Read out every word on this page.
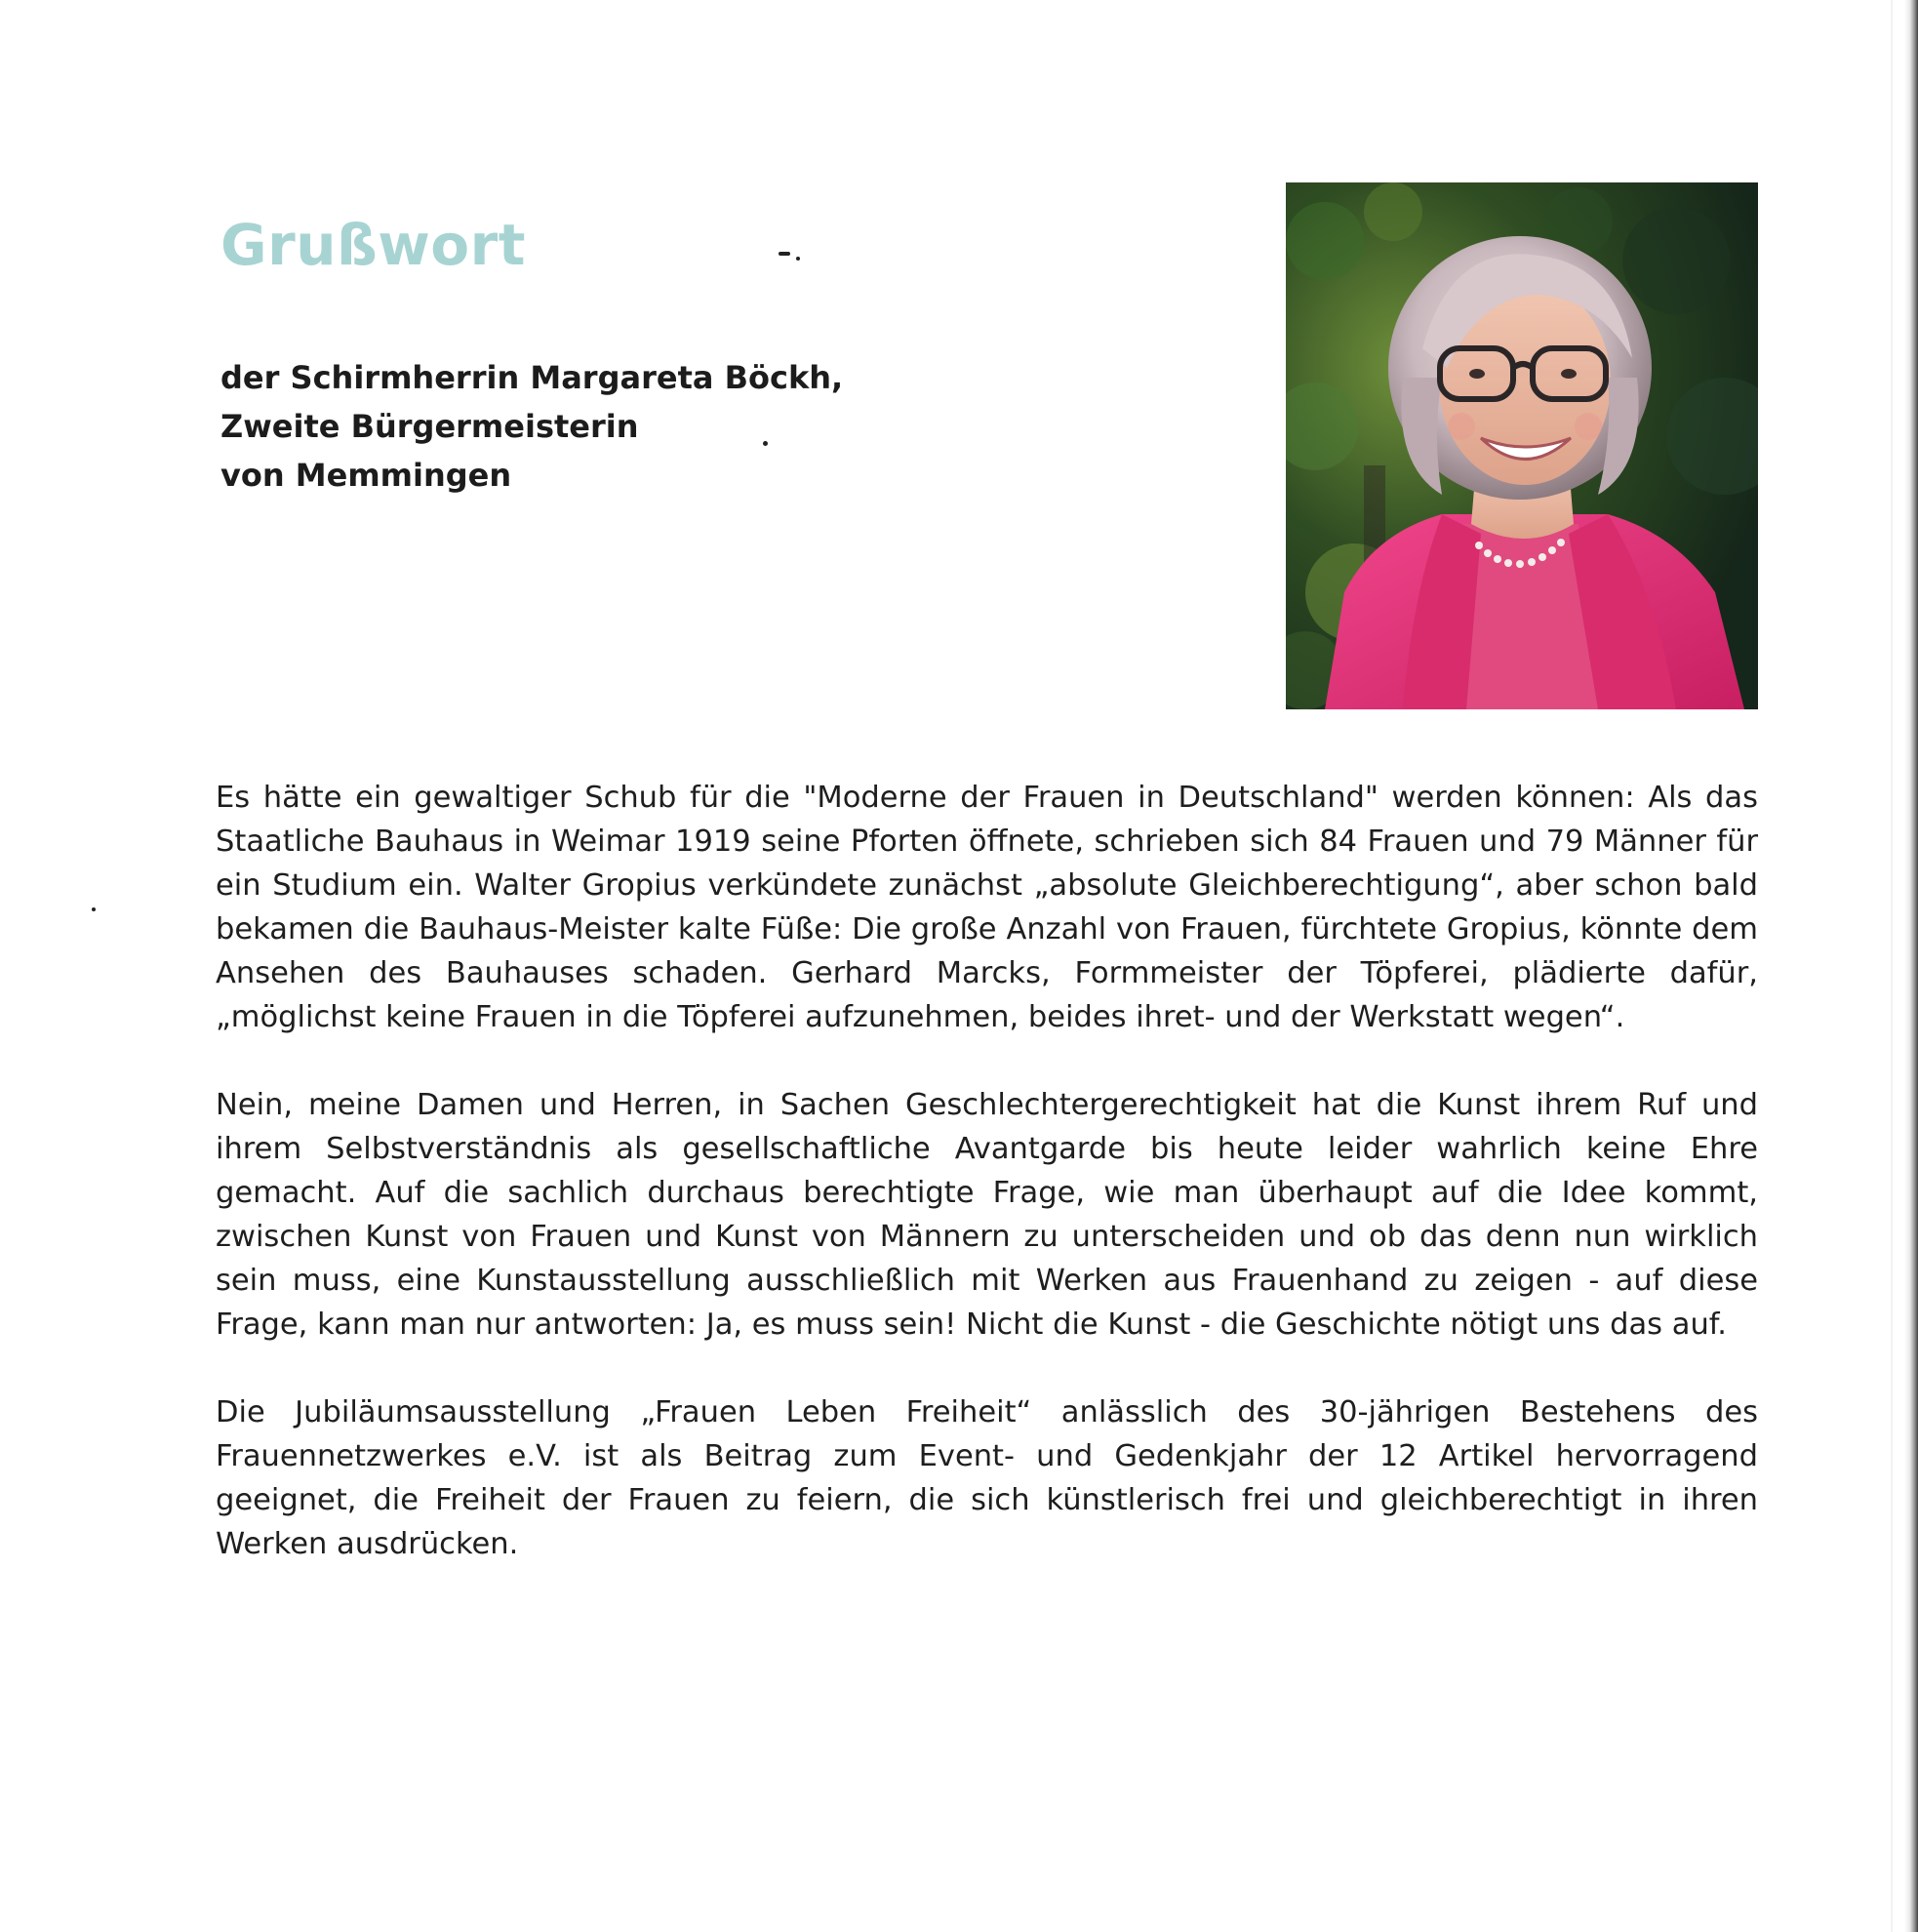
Grußwort
der Schirmherrin Margareta Böckh,
Zweite Bürgermeisterin
von Memmingen

Es hätte ein gewaltiger Schub für die "Moderne der Frauen in Deutschland" werden können: Als das Staatliche Bauhaus in Weimar 1919 seine Pforten öffnete, schrieben sich 84 Frauen und 79 Männer für ein Studium ein. Walter Gropius verkündete zunächst „absolute Gleichberechtigung“, aber schon bald bekamen die Bauhaus-Meister kalte Füße: Die große Anzahl von Frauen, fürchtete Gropius, könnte dem Ansehen des Bauhauses schaden. Gerhard Marcks, Formmeister der Töpferei, plädierte dafür, „möglichst keine Frauen in die Töpferei aufzunehmen, beides ihret- und der Werkstatt wegen“.

Nein, meine Damen und Herren, in Sachen Geschlechtergerechtigkeit hat die Kunst ihrem Ruf und ihrem Selbstverständnis als gesellschaftliche Avantgarde bis heute leider wahrlich keine Ehre gemacht. Auf die sachlich durchaus berechtigte Frage, wie man überhaupt auf die Idee kommt, zwischen Kunst von Frauen und Kunst von Männern zu unterscheiden und ob das denn nun wirklich sein muss, eine Kunstausstellung ausschließlich mit Werken aus Frauenhand zu zeigen - auf diese Frage, kann man nur antworten: Ja, es muss sein! Nicht die Kunst - die Geschichte nötigt uns das auf.

Die Jubiläumsausstellung „Frauen Leben Freiheit“ anlässlich des 30-jährigen Bestehens des Frauennetzwerkes e.V. ist als Beitrag zum Event- und Gedenkjahr der 12 Artikel hervorragend geeignet, die Freiheit der Frauen zu feiern, die sich künstlerisch frei und gleichberechtigt in ihren Werken ausdrücken.
